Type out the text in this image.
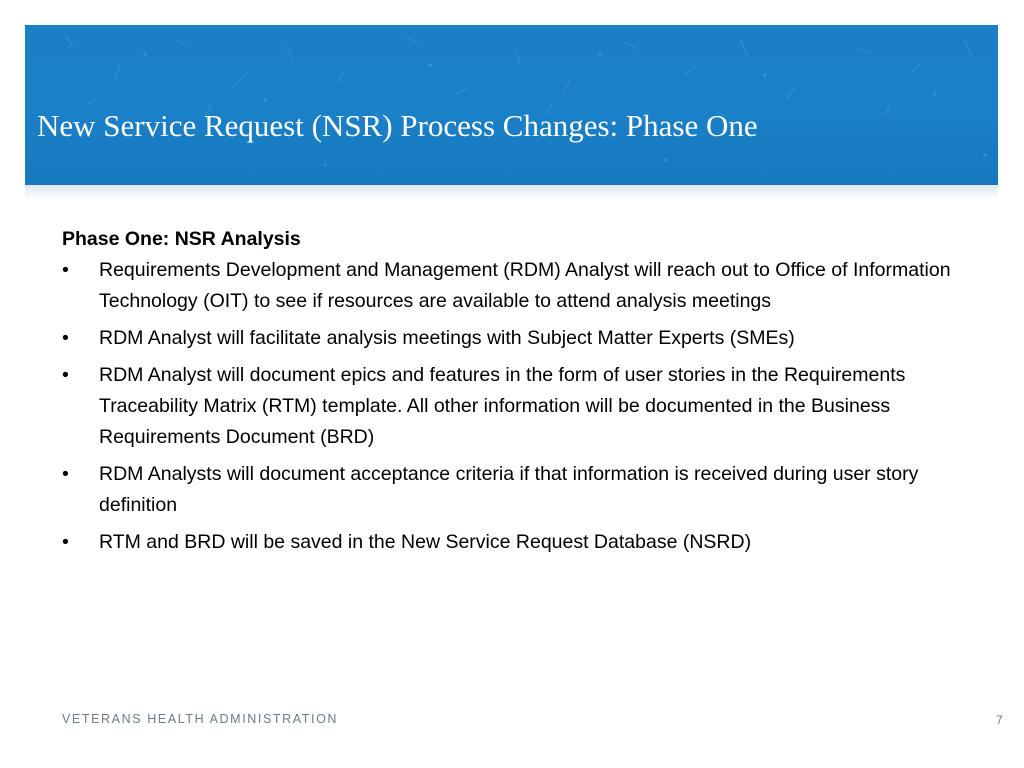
New Service Request (NSR) Process Changes: Phase One

Phase One: NSR Analysis

• Requirements Development and Management (RDM) Analyst will reach out to Office of Information Technology (OIT) to see if resources are available to attend analysis meetings
• RDM Analyst will facilitate analysis meetings with Subject Matter Experts (SMEs)
• RDM Analyst will document epics and features in the form of user stories in the Requirements Traceability Matrix (RTM) template. All other information will be documented in the Business Requirements Document (BRD)
• RDM Analysts will document acceptance criteria if that information is received during user story definition
• RTM and BRD will be saved in the New Service Request Database (NSRD)
VETERANS HEALTH ADMINISTRATION	7
